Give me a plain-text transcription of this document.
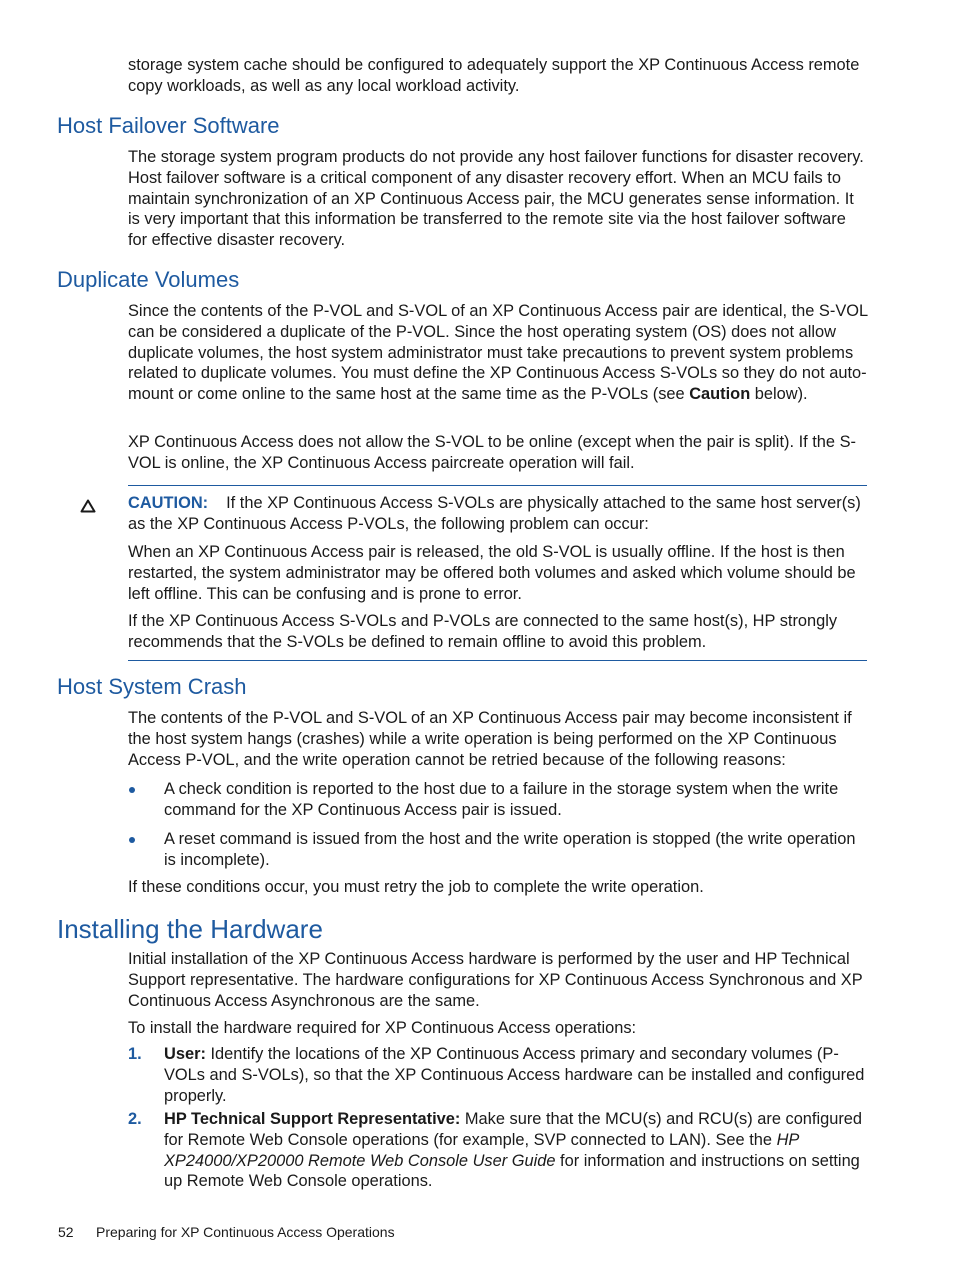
storage system cache should be configured to adequately support the XP Continuous Access remote copy workloads, as well as any local workload activity.

Host Failover Software

The storage system program products do not provide any host failover functions for disaster recovery. Host failover software is a critical component of any disaster recovery effort. When an MCU fails to maintain synchronization of an XP Continuous Access pair, the MCU generates sense information. It is very important that this information be transferred to the remote site via the host failover software for effective disaster recovery.

Duplicate Volumes

Since the contents of the P-VOL and S-VOL of an XP Continuous Access pair are identical, the S-VOL can be considered a duplicate of the P-VOL. Since the host operating system (OS) does not allow duplicate volumes, the host system administrator must take precautions to prevent system problems related to duplicate volumes. You must define the XP Continuous Access S-VOLs so they do not auto-mount or come online to the same host at the same time as the P-VOLs (see Caution below).

XP Continuous Access does not allow the S-VOL to be online (except when the pair is split). If the S-VOL is online, the XP Continuous Access paircreate operation will fail.

CAUTION: If the XP Continuous Access S-VOLs are physically attached to the same host server(s) as the XP Continuous Access P-VOLs, the following problem can occur:

When an XP Continuous Access pair is released, the old S-VOL is usually offline. If the host is then restarted, the system administrator may be offered both volumes and asked which volume should be left offline. This can be confusing and is prone to error.

If the XP Continuous Access S-VOLs and P-VOLs are connected to the same host(s), HP strongly recommends that the S-VOLs be defined to remain offline to avoid this problem.

Host System Crash

The contents of the P-VOL and S-VOL of an XP Continuous Access pair may become inconsistent if the host system hangs (crashes) while a write operation is being performed on the XP Continuous Access P-VOL, and the write operation cannot be retried because of the following reasons:

A check condition is reported to the host due to a failure in the storage system when the write command for the XP Continuous Access pair is issued.

A reset command is issued from the host and the write operation is stopped (the write operation is incomplete).

If these conditions occur, you must retry the job to complete the write operation.

Installing the Hardware

Initial installation of the XP Continuous Access hardware is performed by the user and HP Technical Support representative. The hardware configurations for XP Continuous Access Synchronous and XP Continuous Access Asynchronous are the same.

To install the hardware required for XP Continuous Access operations:

1. User: Identify the locations of the XP Continuous Access primary and secondary volumes (P-VOLs and S-VOLs), so that the XP Continuous Access hardware can be installed and configured properly.

2. HP Technical Support Representative: Make sure that the MCU(s) and RCU(s) are configured for Remote Web Console operations (for example, SVP connected to LAN). See the HP XP24000/XP20000 Remote Web Console User Guide for information and instructions on setting up Remote Web Console operations.

52 Preparing for XP Continuous Access Operations
